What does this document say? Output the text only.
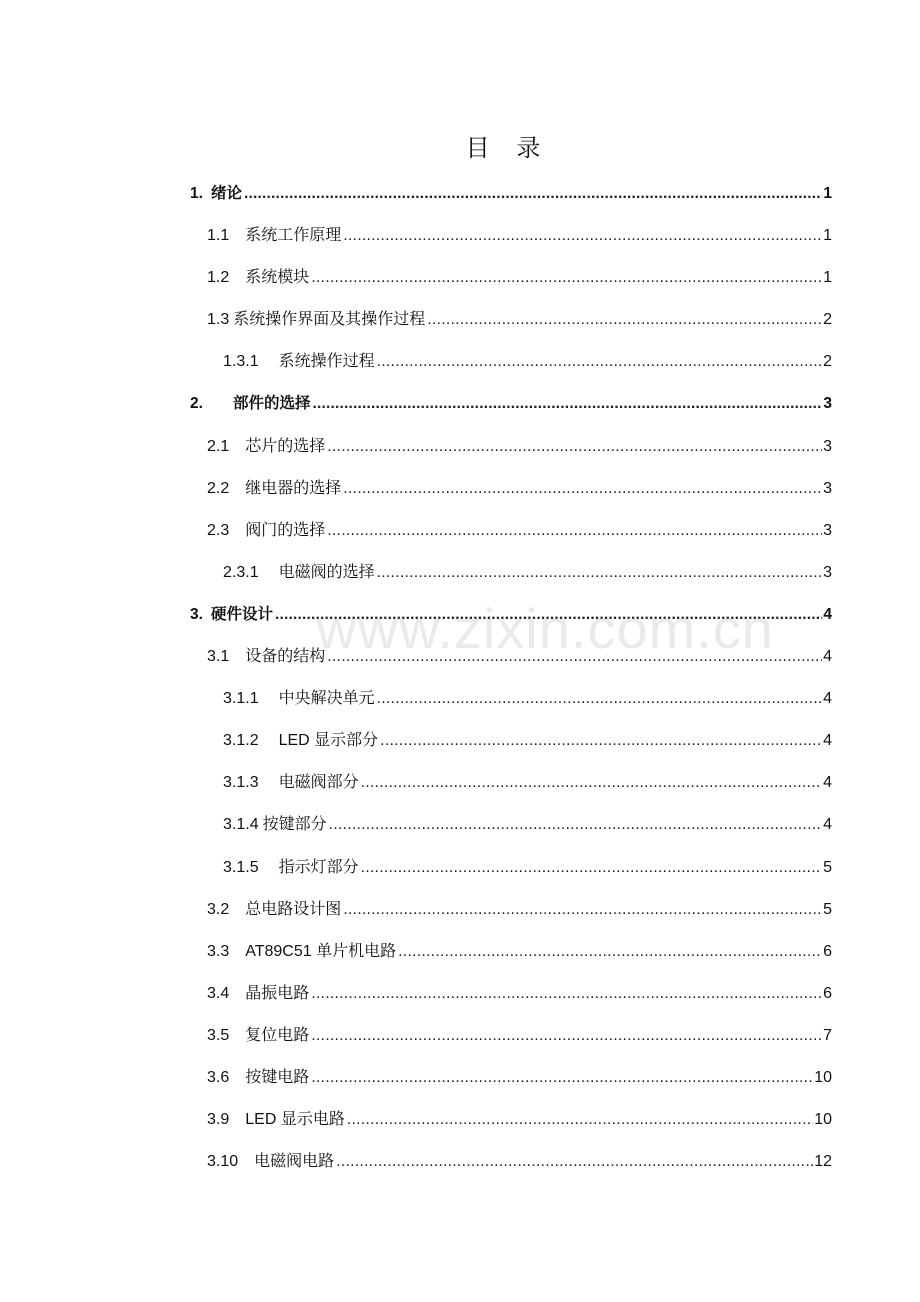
目 录
1. 绪论 .....	1
1.1 系统工作原理 .....	1
1.2 系统模块 .....	1
1.3 系统操作界面及其操作过程 .....	2
1.3.1 系统操作过程 .....	2
2. 部件的选择 .....	3
2.1 芯片的选择 .....	3
2.2 继电器的选择 .....	3
2.3 阀门的选择 .....	3
2.3.1 电磁阀的选择 .....	3
3. 硬件设计 .....	4
3.1 设备的结构 .....	4
3.1.1 中央解决单元 .....	4
3.1.2 LED 显示部分 .....	4
3.1.3 电磁阀部分 .....	4
3.1.4 按键部分 .....	4
3.1.5 指示灯部分 .....	5
3.2 总电路设计图 .....	5
3.3 AT89C51 单片机电路 .....	6
3.4 晶振电路 .....	6
3.5 复位电路 .....	7
3.6 按键电路 .....	10
3.9 LED 显示电路 .....	10
3.10 电磁阀电路 .....	12
www.zixin.com.cn
